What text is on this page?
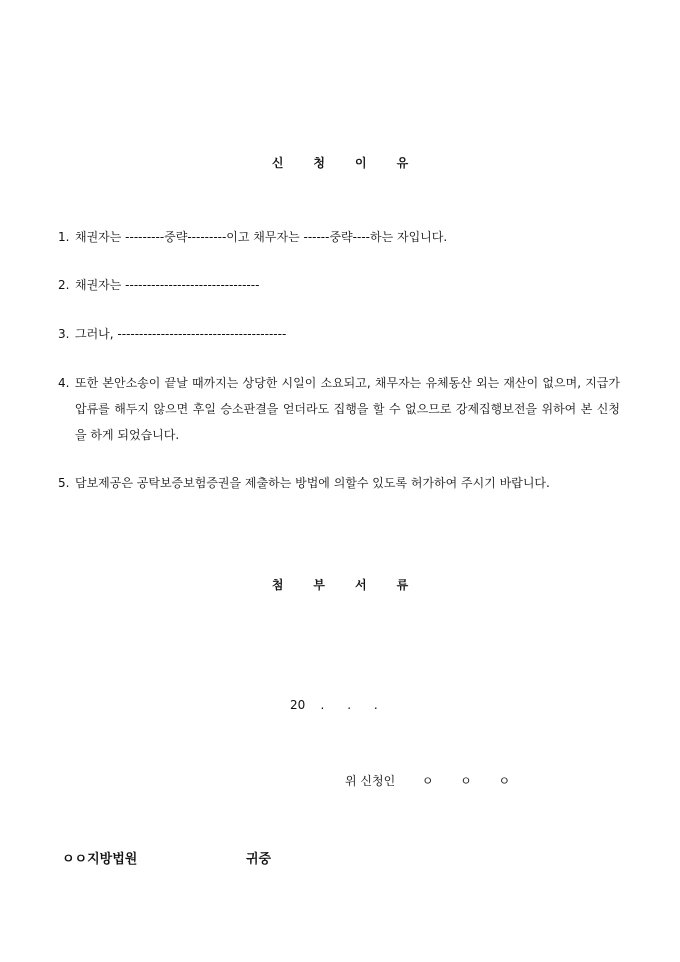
신	청	이	유
1. 채권자는 ---------중략---------이고 채무자는 ------중략----하는 자입니다.
2. 채권자는 -------------------------------
3. 그러나, ---------------------------------------
4. 또한 본안소송이 끝날 때까지는 상당한 시일이 소요되고, 채무자는 유체동산 외는 재산이 없으며, 지급가압류를 해두지 않으면 후일 승소판결을 얻더라도 집행을 할 수 없으므로 강제집행보전을 위하여 본 신청을 하게 되었습니다.
5. 담보제공은 공탁보증보험증권을 제출하는 방법에 의할수 있도록 허가하여 주시기 바랍니다.
첨	부	서	류
20    .      .      .
위 신청인       ㅇ       ㅇ       ㅇ
ㅇㅇ지방법원	귀중
